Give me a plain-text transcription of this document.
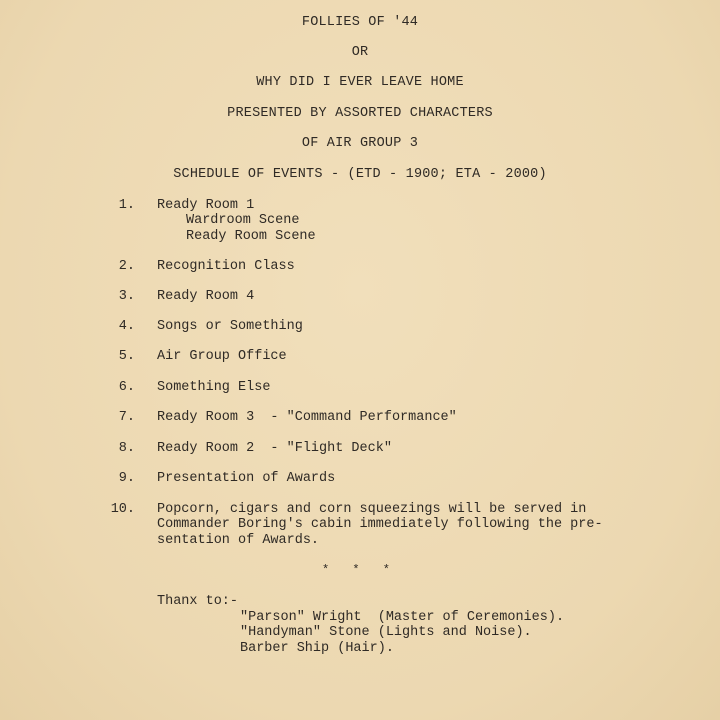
FOLLIES OF '44
OR
WHY DID I EVER LEAVE HOME
PRESENTED BY ASSORTED CHARACTERS
OF AIR GROUP 3
SCHEDULE OF EVENTS - (ETD - 1900; ETA - 2000)
1. Ready Room 1
Wardroom Scene
Ready Room Scene
2. Recognition Class
3. Ready Room 4
4. Songs or Something
5. Air Group Office
6. Something Else
7. Ready Room 3  - "Command Performance"
8. Ready Room 2  - "Flight Deck"
9. Presentation of Awards
10. Popcorn, cigars and corn squeezings will be served in
Commander Boring's cabin immediately following the pre-
sentation of Awards.
* * *
Thanx to:-
"Parson" Wright  (Master of Ceremonies).
"Handyman" Stone (Lights and Noise).
Barber Ship (Hair).
